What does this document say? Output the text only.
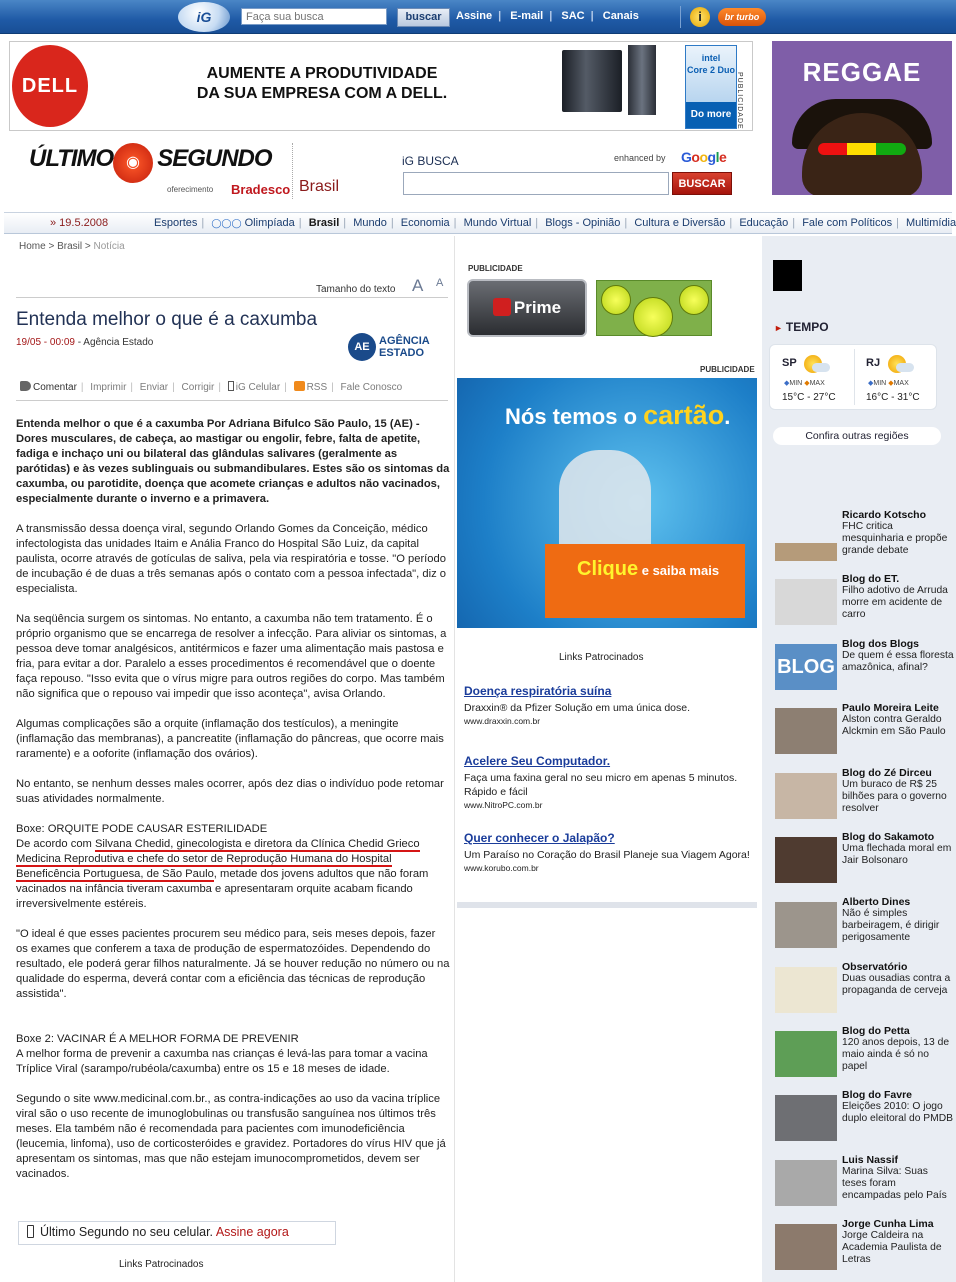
iG
Faça sua busca	buscar	Assine | E-mail | SAC | Canais	i	br turbo
DELL
AUMENTE A PRODUTIVIDADE
DA SUA EMPRESA COM A DELL.
intel
Core 2 Duo
Do more PUBLICIDADE	REGGAE
ÚLTIMO SEGUNDO
◉
oferecimento Bradesco Brasil
iG BUSCA	enhanced by Google
BUSCAR
» 19.5.2008	Esportes | ◯◯◯ Olimpíada | Brasil | Mundo | Economia | Mundo Virtual | Blogs - Opinião | Cultura e Diversão | Educação | Fale com Políticos | Multimídia
Home > Brasil > Notícia
Tamanho do texto A A
Entenda melhor o que é a caxumba
19/05 - 00:09 - Agência Estado	AE AGÊNCIA
ESTADO
Comentar | Imprimir | Enviar | Corrigir | iG Celular | RSS | Fale Conosco

Entenda melhor o que é a caxumba Por Adriana Bifulco São Paulo, 15 (AE) - Dores musculares, de cabeça, ao mastigar ou engolir, febre, falta de apetite, fadiga e inchaço uni ou bilateral das glândulas salivares (geralmente as parótidas) e às vezes sublinguais ou submandibulares. Estes são os sintomas da caxumba, ou parotidite, doença que acomete crianças e adultos não vacinados, especialmente durante o inverno e a primavera.

A transmissão dessa doença viral, segundo Orlando Gomes da Conceição, médico infectologista das unidades Itaim e Anália Franco do Hospital São Luiz, da capital paulista, ocorre através de gotículas de saliva, pela via respiratória e tosse. "O período de incubação é de duas a três semanas após o contato com a pessoa infectada", diz o especialista.

Na seqüência surgem os sintomas. No entanto, a caxumba não tem tratamento. É o próprio organismo que se encarrega de resolver a infecção. Para aliviar os sintomas, a pessoa deve tomar analgésicos, antitérmicos e fazer uma alimentação mais pastosa e fria, para evitar a dor. Paralelo a esses procedimentos é recomendável que o doente faça repouso. "Isso evita que o vírus migre para outros regiões do corpo. Mas também não significa que o repouso vai impedir que isso aconteça", avisa Orlando.

Algumas complicações são a orquite (inflamação dos testículos), a meningite (inflamação das membranas), a pancreatite (inflamação do pâncreas, que ocorre mais raramente) e a ooforite (inflamação dos ovários).

No entanto, se nenhum desses males ocorrer, após dez dias o indivíduo pode retomar suas atividades normalmente.

Boxe: ORQUITE PODE CAUSAR ESTERILIDADE
De acordo com Silvana Chedid, ginecologista e diretora da Clínica Chedid Grieco Medicina Reprodutiva e chefe do setor de Reprodução Humana do Hospital Beneficência Portuguesa, de São Paulo, metade dos jovens adultos que não foram vacinados na infância tiveram caxumba e apresentaram orquite acabam ficando irreversivelmente estéreis.

"O ideal é que esses pacientes procurem seu médico para, seis meses depois, fazer os exames que conferem a taxa de produção de espermatozóides. Dependendo do resultado, ele poderá gerar filhos naturalmente. Já se houver redução no número ou na qualidade do esperma, deverá contar com a eficiência das técnicas de reprodução assistida".

Boxe 2: VACINAR É A MELHOR FORMA DE PREVENIR
A melhor forma de prevenir a caxumba nas crianças é levá-las para tomar a vacina Tríplice Viral (sarampo/rubéola/caxumba) entre os 15 e 18 meses de idade.

Segundo o site www.medicinal.com.br., as contra-indicações ao uso da vacina tríplice viral são o uso recente de imunoglobulinas ou transfusão sanguínea nos últimos três meses. Ela também não é recomendada para pacientes com imunodeficiência (leucemia, linfoma), uso de corticosteróides e gravidez. Portadores do vírus HIV que já apresentam os sintomas, mas que não estejam imunocomprometidos, devem ser vacinados.

Último Segundo no seu celular. Assine agora
Links Patrocinados
PUBLICIDADE
Prime
PUBLICIDADE
Nós temos o cartão.
Clique e saiba mais
Links Patrocinados
Doença respiratória suína
Draxxin® da Pfizer Solução em uma única dose.
www.draxxin.com.br
Acelere Seu Computador.
Faça uma faxina geral no seu micro em apenas 5 minutos. Rápido e fácil
www.NitroPC.com.br
Quer conhecer o Jalapão?
Um Paraíso no Coração do Brasil Planeje sua Viagem Agora!
www.korubo.com.br
► TEMPO
SP
◆MIN ◆MAX
15°C - 27°C
RJ
◆MIN ◆MAX
16°C - 31°C
Confira outras regiões
Ricardo Kotscho
FHC critica mesquinharia e propõe grande debate
Blog do ET.
Filho adotivo de Arruda morre em acidente de carro
BLOG
Blog dos Blogs
De quem é essa floresta amazônica, afinal?
Paulo Moreira Leite
Alston contra Geraldo Alckmin em São Paulo
Blog do Zé Dirceu
Um buraco de R$ 25 bilhões para o governo resolver
Blog do Sakamoto
Uma flechada moral em Jair Bolsonaro
Alberto Dines
Não é simples barbeiragem, é dirigir perigosamente
Observatório
Duas ousadias contra a propaganda de cerveja
Blog do Petta
120 anos depois, 13 de maio ainda é só no papel
Blog do Favre
Eleições 2010: O jogo duplo eleitoral do PMDB
Luis Nassif
Marina Silva: Suas teses foram encampadas pelo País
Jorge Cunha Lima
Jorge Caldeira na Academia Paulista de Letras
